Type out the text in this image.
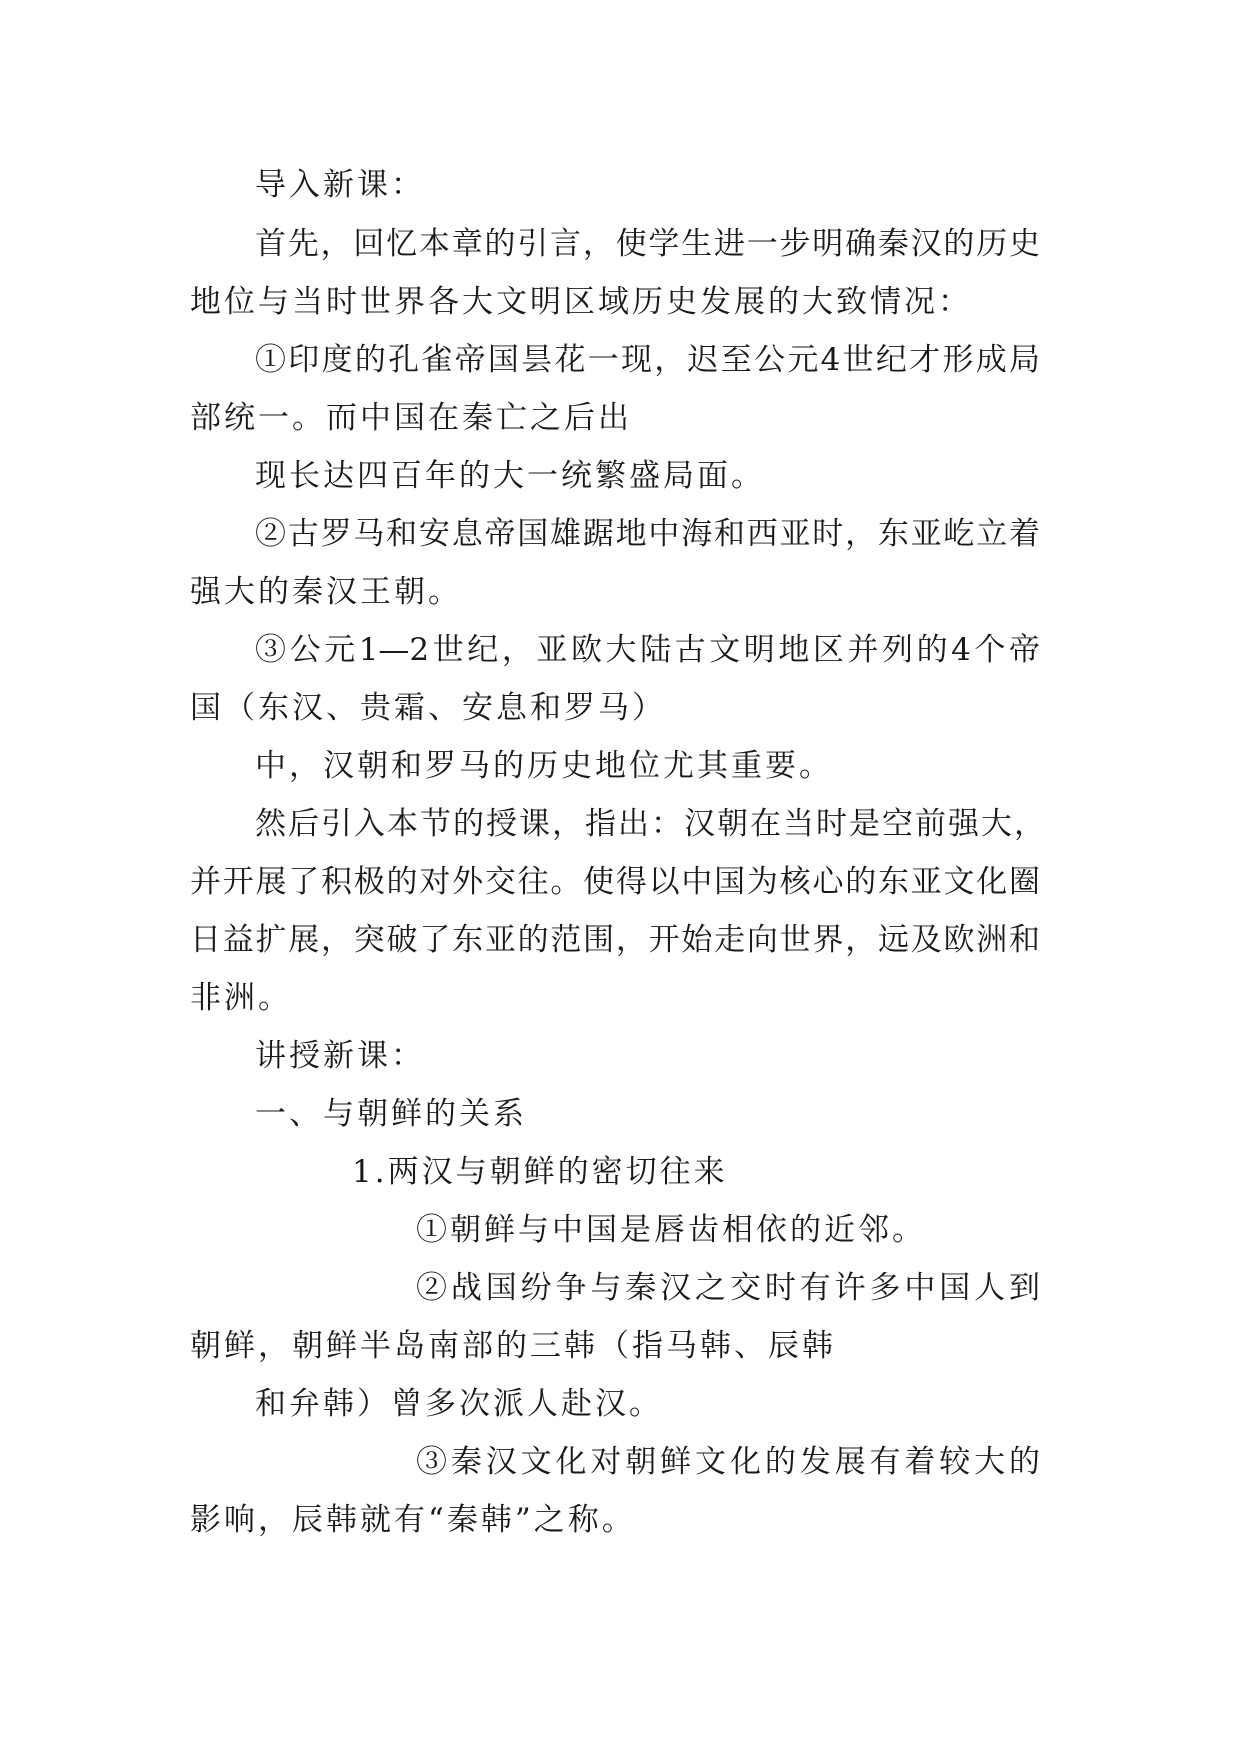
导入新课：
首先，回忆本章的引言，使学生进一步明确秦汉的历史
地位与当时世界各大文明区域历史发展的大致情况：
①印度的孔雀帝国昙花一现，迟至公元4世纪才形成局
部统一。而中国在秦亡之后出
现长达四百年的大一统繁盛局面。
②古罗马和安息帝国雄踞地中海和西亚时，东亚屹立着
强大的秦汉王朝。
③公元1—2世纪，亚欧大陆古文明地区并列的4个帝
国（东汉、贵霜、安息和罗马）
中，汉朝和罗马的历史地位尤其重要。
然后引入本节的授课，指出：汉朝在当时是空前强大，
并开展了积极的对外交往。使得以中国为核心的东亚文化圈
日益扩展，突破了东亚的范围，开始走向世界，远及欧洲和
非洲。
讲授新课：
一、与朝鲜的关系
1.两汉与朝鲜的密切往来
①朝鲜与中国是唇齿相依的近邻。
②战国纷争与秦汉之交时有许多中国人到
朝鲜，朝鲜半岛南部的三韩（指马韩、辰韩
和弁韩）曾多次派人赴汉。
③秦汉文化对朝鲜文化的发展有着较大的
影响，辰韩就有“秦韩”之称。
